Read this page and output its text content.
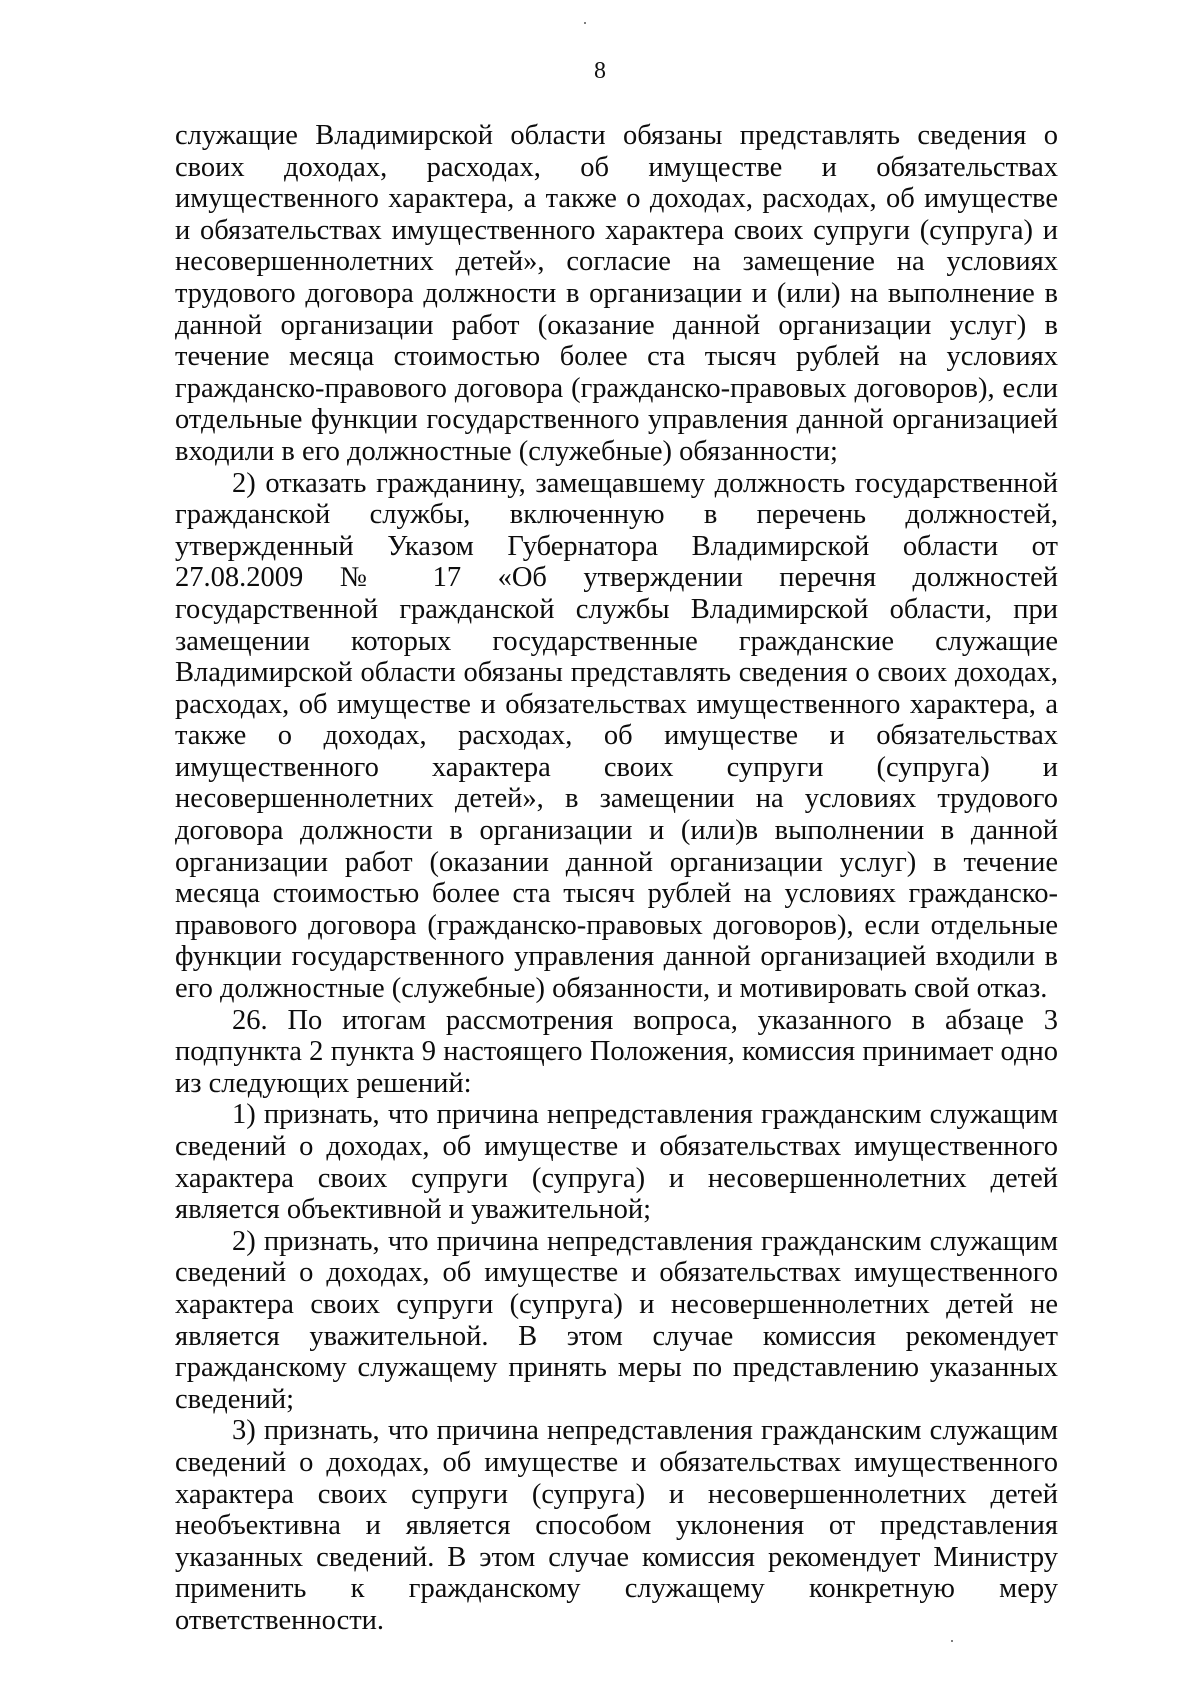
8

служащие Владимирской области обязаны представлять сведения о своих доходах, расходах, об имуществе и обязательствах имущественного характера, а также о доходах, расходах, об имуществе и обязательствах имущественного характера своих супруги (супруга) и несовершеннолетних детей», согласие на замещение на условиях трудового договора должности в организации и (или) на выполнение в данной организации работ (оказание данной организации услуг) в течение месяца стоимостью более ста тысяч рублей на условиях гражданско-правового договора (гражданско-правовых договоров), если отдельные функции государственного управления данной организацией входили в его должностные (служебные) обязанности;

2) отказать гражданину, замещавшему должность государственной гражданской службы, включенную в перечень должностей, утвержденный Указом Губернатора Владимирской области от 27.08.2009 № 17 «Об утверждении перечня должностей государственной гражданской службы Владимирской области, при замещении которых государственные гражданские служащие Владимирской области обязаны представлять сведения о своих доходах, расходах, об имуществе и обязательствах имущественного характера, а также о доходах, расходах, об имуществе и обязательствах имущественного характера своих супруги (супруга) и несовершеннолетних детей», в замещении на условиях трудового договора должности в организации и (или)в выполнении в данной организации работ (оказании данной организации услуг) в течение месяца стоимостью более ста тысяч рублей на условиях гражданско-правового договора (гражданско-правовых договоров), если отдельные функции государственного управления данной организацией входили в его должностные (служебные) обязанности, и мотивировать свой отказ.

26. По итогам рассмотрения вопроса, указанного в абзаце 3 подпункта 2 пункта 9 настоящего Положения, комиссия принимает одно из следующих решений:

1) признать, что причина непредставления гражданским служащим сведений о доходах, об имуществе и обязательствах имущественного характера своих супруги (супруга) и несовершеннолетних детей является объективной и уважительной;

2) признать, что причина непредставления гражданским служащим сведений о доходах, об имуществе и обязательствах имущественного характера своих супруги (супруга) и несовершеннолетних детей не является уважительной. В этом случае комиссия рекомендует гражданскому служащему принять меры по представлению указанных сведений;

3) признать, что причина непредставления гражданским служащим сведений о доходах, об имуществе и обязательствах имущественного характера своих супруги (супруга) и несовершеннолетних детей необъективна и является способом уклонения от представления указанных сведений. В этом случае комиссия рекомендует Министру применить к гражданскому служащему конкретную меру ответственности.
